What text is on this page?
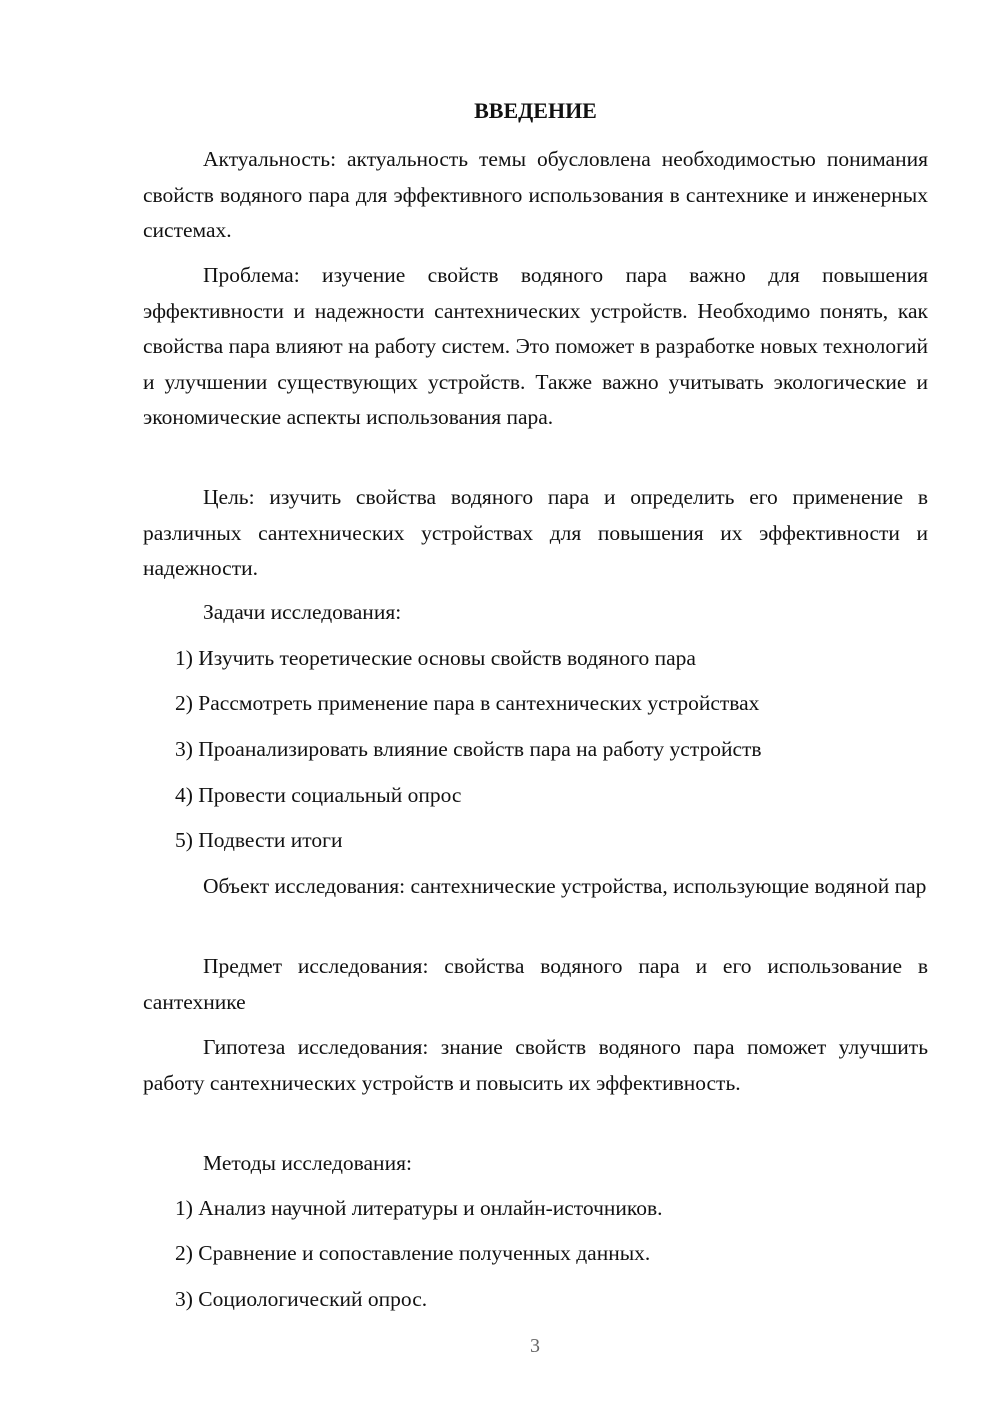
ВВЕДЕНИЕ

Актуальность: актуальность темы обусловлена необходимостью понимания свойств водяного пара для эффективного использования в сантехнике и инженерных системах.

Проблема: изучение свойств водяного пара важно для повышения эффективности и надежности сантехнических устройств. Необходимо понять, как свойства пара влияют на работу систем. Это поможет в разработке новых технологий и улучшении существующих устройств. Также важно учитывать экологические и экономические аспекты использования пара.

Цель: изучить свойства водяного пара и определить его применение в различных сантехнических устройствах для повышения их эффективности и надежности.

Задачи исследования:

1) Изучить теоретические основы свойств водяного пара

2) Рассмотреть применение пара в сантехнических устройствах

3) Проанализировать влияние свойств пара на работу устройств

4) Провести социальный опрос

5) Подвести итоги

Объект исследования: сантехнические устройства, использующие водяной пар

Предмет исследования: свойства водяного пара и его использование в сантехнике

Гипотеза исследования: знание свойств водяного пара поможет улучшить работу сантехнических устройств и повысить их эффективность.

Методы исследования:

1) Анализ научной литературы и онлайн-источников.

2) Сравнение и сопоставление полученных данных.

3) Социологический опрос.

3
